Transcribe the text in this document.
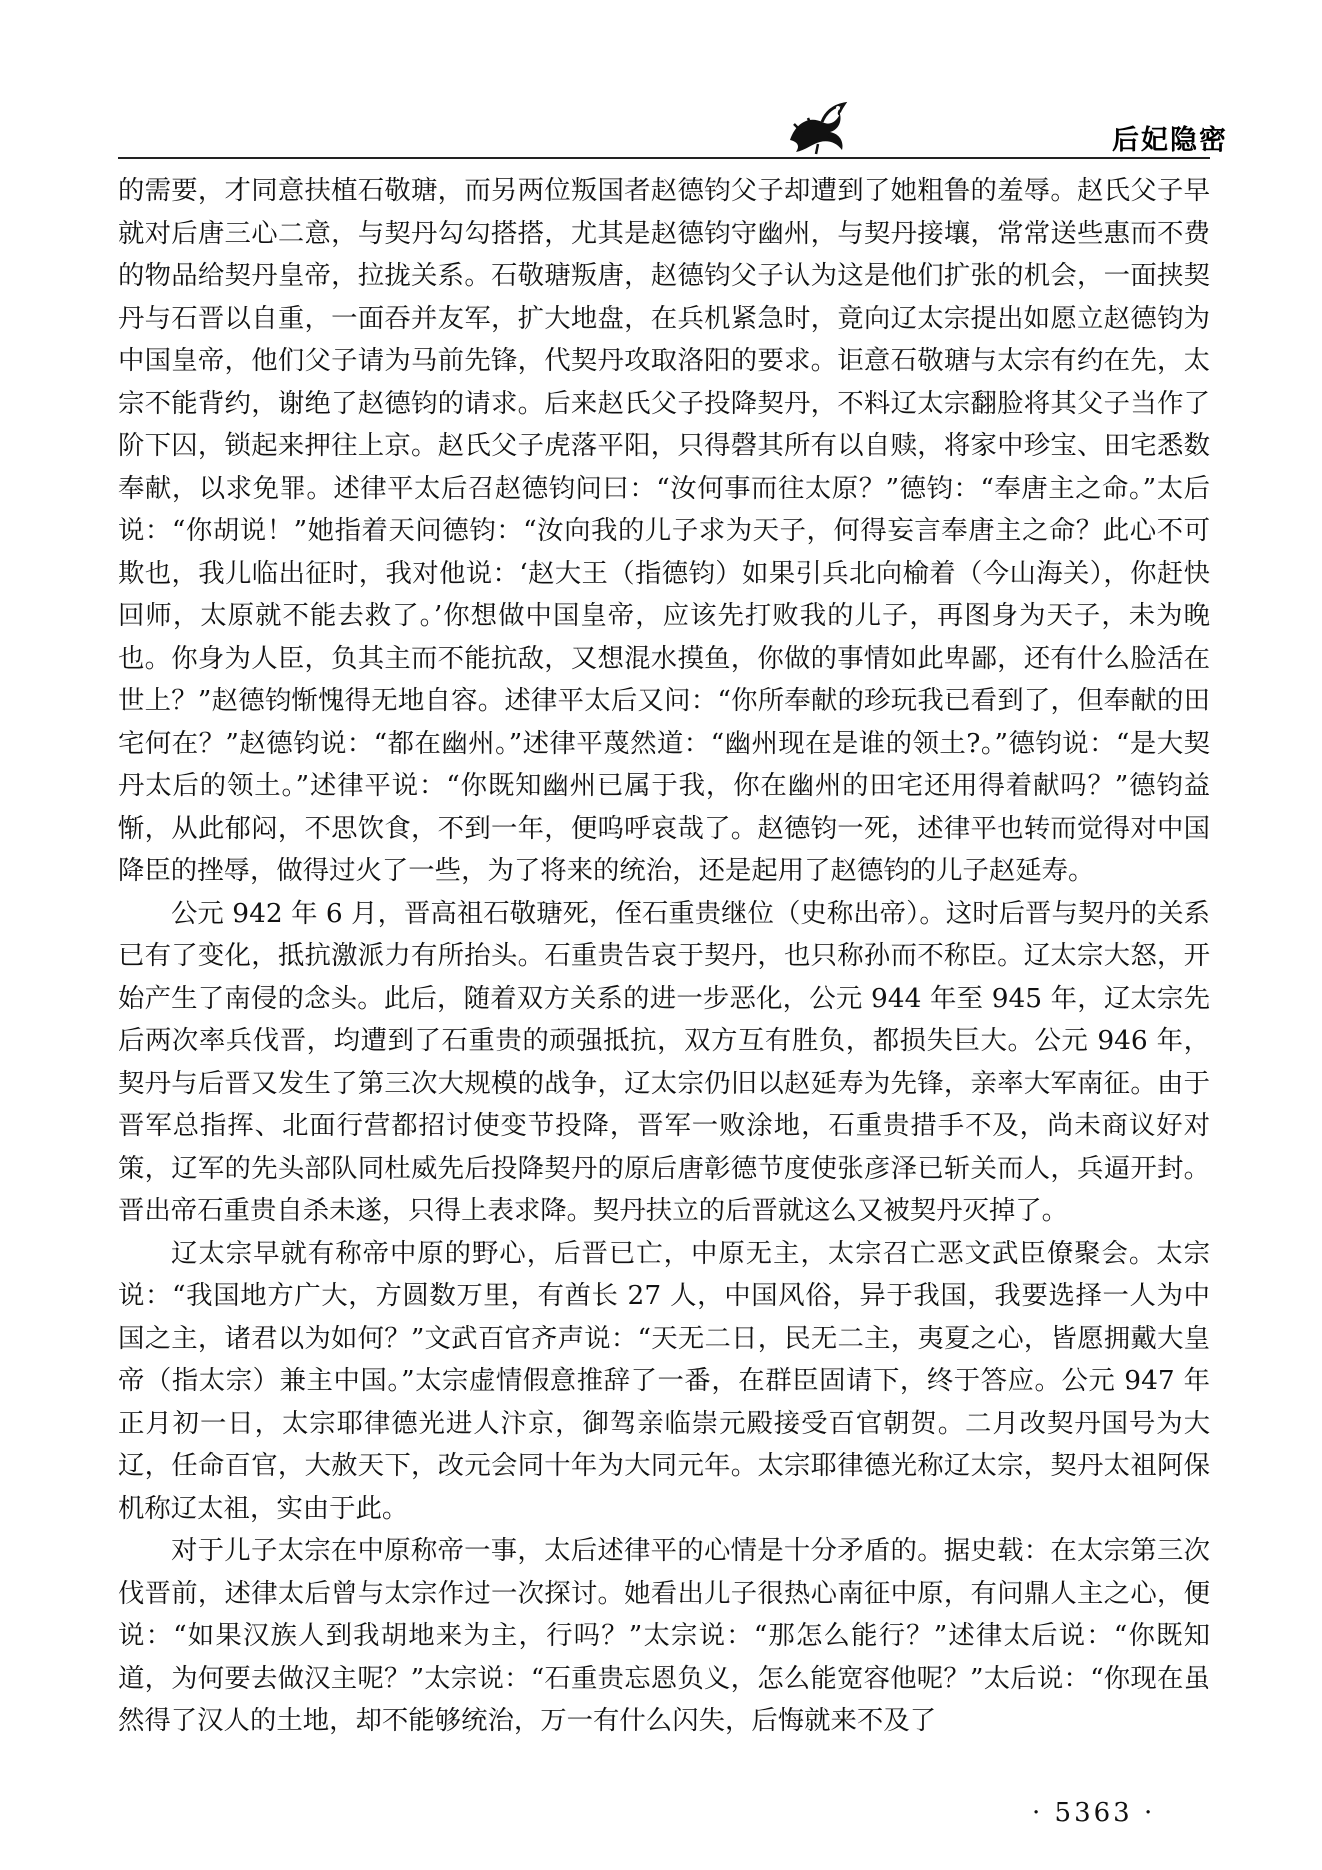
后妃隐密

的需要，才同意扶植石敬瑭，而另两位叛国者赵德钧父子却遭到了她粗鲁的羞辱。赵氏父子早就对后唐三心二意，与契丹勾勾搭搭，尤其是赵德钧守幽州，与契丹接壤，常常送些惠而不费的物品给契丹皇帝，拉拢关系。石敬瑭叛唐，赵德钧父子认为这是他们扩张的机会，一面挟契丹与石晋以自重，一面吞并友军，扩大地盘，在兵机紧急时，竟向辽太宗提出如愿立赵德钧为中国皇帝，他们父子请为马前先锋，代契丹攻取洛阳的要求。讵意石敬瑭与太宗有约在先，太宗不能背约，谢绝了赵德钧的请求。后来赵氏父子投降契丹，不料辽太宗翻脸将其父子当作了阶下囚，锁起来押往上京。赵氏父子虎落平阳，只得磬其所有以自赎，将家中珍宝、田宅悉数奉献，以求免罪。述律平太后召赵德钧问曰：“汝何事而往太原？”德钧：“奉唐主之命。”太后说：“你胡说！”她指着天问德钧：“汝向我的儿子求为天子，何得妄言奉唐主之命？此心不可欺也，我儿临出征时，我对他说：‘赵大王（指德钧）如果引兵北向榆着（今山海关），你赶快回师，太原就不能去救了。’你想做中国皇帝，应该先打败我的儿子，再图身为天子，未为晚也。你身为人臣，负其主而不能抗敌，又想混水摸鱼，你做的事情如此卑鄙，还有什么脸活在世上？”赵德钧惭愧得无地自容。述律平太后又问：“你所奉献的珍玩我已看到了，但奉献的田宅何在？”赵德钧说：“都在幽州。”述律平蔑然道：“幽州现在是谁的领土?。”德钧说：“是大契丹太后的领土。”述律平说：“你既知幽州已属于我，你在幽州的田宅还用得着献吗？”德钧益惭，从此郁闷，不思饮食，不到一年，便呜呼哀哉了。赵德钧一死，述律平也转而觉得对中国降臣的挫辱，做得过火了一些，为了将来的统治，还是起用了赵德钧的儿子赵延寿。

公元 942 年 6 月，晋高祖石敬瑭死，侄石重贵继位（史称出帝）。这时后晋与契丹的关系已有了变化，抵抗激派力有所抬头。石重贵告哀于契丹，也只称孙而不称臣。辽太宗大怒，开始产生了南侵的念头。此后，随着双方关系的进一步恶化，公元 944 年至 945 年，辽太宗先后两次率兵伐晋，均遭到了石重贵的顽强抵抗，双方互有胜负，都损失巨大。公元 946 年，契丹与后晋又发生了第三次大规模的战争，辽太宗仍旧以赵延寿为先锋，亲率大军南征。由于晋军总指挥、北面行营都招讨使变节投降，晋军一败涂地，石重贵措手不及，尚未商议好对策，辽军的先头部队同杜威先后投降契丹的原后唐彰德节度使张彦泽已斩关而人，兵逼开封。晋出帝石重贵自杀未遂，只得上表求降。契丹扶立的后晋就这么又被契丹灭掉了。

辽太宗早就有称帝中原的野心，后晋已亡，中原无主，太宗召亡恶文武臣僚聚会。太宗说：“我国地方广大，方圆数万里，有酋长 27 人，中国风俗，异于我国，我要选择一人为中国之主，诸君以为如何？”文武百官齐声说：“天无二日，民无二主，夷夏之心，皆愿拥戴大皇帝（指太宗）兼主中国。”太宗虚情假意推辞了一番，在群臣固请下，终于答应。公元 947 年正月初一日，太宗耶律德光进人汴京，御驾亲临崇元殿接受百官朝贺。二月改契丹国号为大辽，任命百官，大赦天下，改元会同十年为大同元年。太宗耶律德光称辽太宗，契丹太祖阿保机称辽太祖，实由于此。

对于儿子太宗在中原称帝一事，太后述律平的心情是十分矛盾的。据史载：在太宗第三次伐晋前，述律太后曾与太宗作过一次探讨。她看出儿子很热心南征中原，有问鼎人主之心，便说：“如果汉族人到我胡地来为主，行吗？”太宗说：“那怎么能行？”述律太后说：“你既知道，为何要去做汉主呢？”太宗说：“石重贵忘恩负义，怎么能宽容他呢？”太后说：“你现在虽然得了汉人的土地，却不能够统治，万一有什么闪失，后悔就来不及了

· 5363 ·
